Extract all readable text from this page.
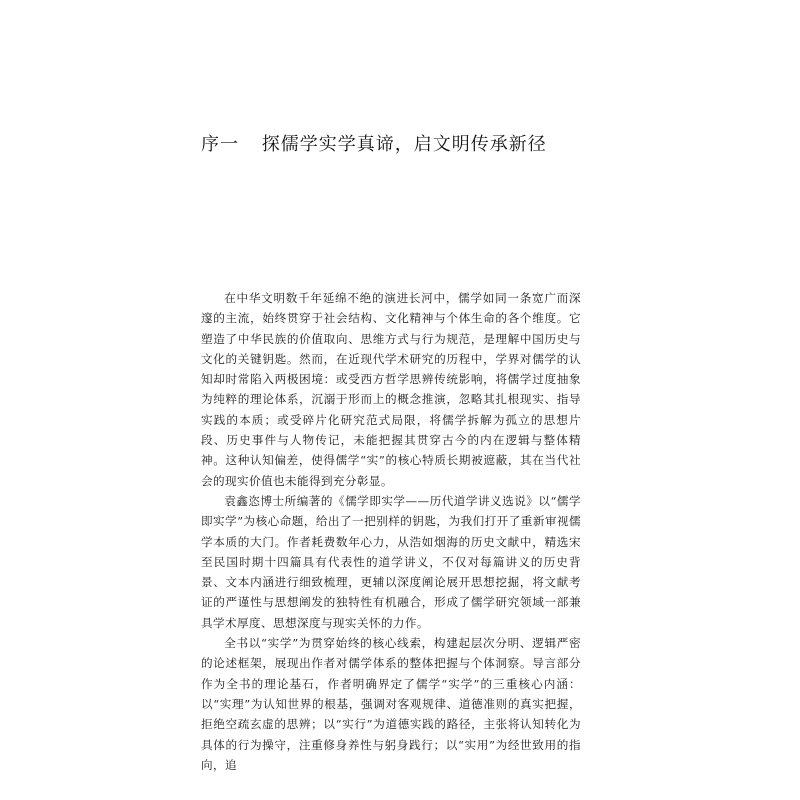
序一 探儒学实学真谛，启文明传承新径

在中华文明数千年延绵不绝的演进长河中，儒学如同一条宽广而深邃的主流，始终贯穿于社会结构、文化精神与个体生命的各个维度。它塑造了中华民族的价值取向、思维方式与行为规范，是理解中国历史与文化的关键钥匙。然而，在近现代学术研究的历程中，学界对儒学的认知却时常陷入两极困境：或受西方哲学思辨传统影响，将儒学过度抽象为纯粹的理论体系，沉溺于形而上的概念推演，忽略其扎根现实、指导实践的本质；或受碎片化研究范式局限，将儒学拆解为孤立的思想片段、历史事件与人物传记，未能把握其贯穿古今的内在逻辑与整体精神。这种认知偏差，使得儒学“实”的核心特质长期被遮蔽，其在当代社会的现实价值也未能得到充分彰显。

袁鑫恣博士所编著的《儒学即实学——历代道学讲义选说》以“儒学即实学”为核心命题，给出了一把别样的钥匙，为我们打开了重新审视儒学本质的大门。作者耗费数年心力，从浩如烟海的历史文献中，精选宋至民国时期十四篇具有代表性的道学讲义，不仅对每篇讲义的历史背景、文本内涵进行细致梳理，更辅以深度阐论展开思想挖掘，将文献考证的严谨性与思想阐发的独特性有机融合，形成了儒学研究领域一部兼具学术厚度、思想深度与现实关怀的力作。

全书以“实学”为贯穿始终的核心线索，构建起层次分明、逻辑严密的论述框架，展现出作者对儒学体系的整体把握与个体洞察。导言部分作为全书的理论基石，作者明确界定了儒学“实学”的三重核心内涵：以“实理”为认知世界的根基，强调对客观规律、道德准则的真实把握，拒绝空疏玄虚的思辨；以“实行”为道德实践的路径，主张将认知转化为具体的行为操守，注重修身养性与躬身践行；以“实用”为经世致用的指向，追
